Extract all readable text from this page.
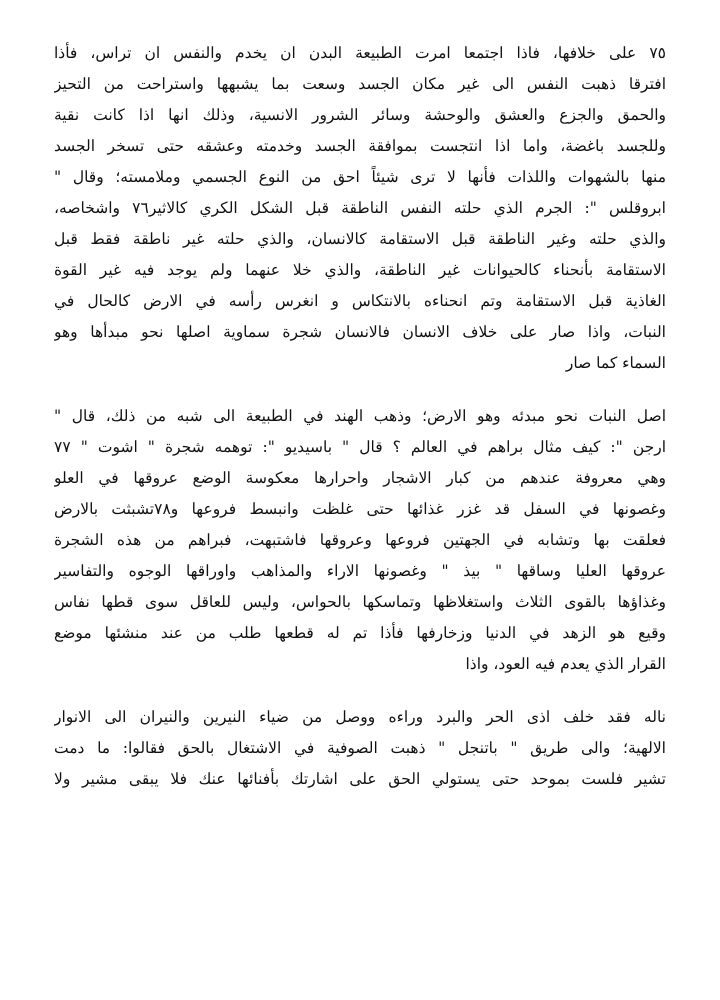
٧٥ على خلافها، فاذا اجتمعا امرت الطبيعة البدن ان يخدم والنفس ان تراس، فأذا
افترقا ذهبت النفس الى غير مكان الجسد وسعت بما يشبهها واستراحت من التحيز
والحمق والجزع والعشق والوحشة وسائر الشرور الانسية، وذلك انها اذا كانت نقية
وللجسد باغضة، واما اذا انتجست بموافقة الجسد وخدمته وعشقه حتى تسخر الجسد
منها بالشهوات واللذات فأنها لا ترى شيئاً احق من النوع الجسمي وملامسته؛ وقال "
ابروقلس ": الجرم الذي حلته النفس الناطقة قبل الشكل الكري كالاثير٧٦ واشخاصه،
والذي حلته وغير الناطقة قبل الاستقامة كالانسان، والذي حلته غير ناطقة فقط قبل
الاستقامة بأنحناء كالحيوانات غير الناطقة، والذي خلا عنهما ولم يوجد فيه غير القوة
الغاذية قبل الاستقامة وتم انحناءه بالانتكاس و انغرس رأسه في الارض كالحال في
النبات، واذا صار على خلاف الانسان فالانسان شجرة سماوية اصلها نحو مبدأها وهو
السماء كما صار

اصل النبات نحو مبدئه وهو الارض؛ وذهب الهند في الطبيعة الى شبه من ذلك، قال "
ارجن ": كيف مثال براهم في العالم ؟ قال " باسيديو ": توهمه شجرة " اشوت " ٧٧
وهي معروفة عندهم من كبار الاشجار واحرارها معكوسة الوضع عروقها في العلو
وغصونها في السفل قد غزر غذائها حتى غلظت وانبسط فروعها و٧٨تشبثت بالارض
فعلقت بها وتشابه في الجهتين فروعها وعروقها فاشتبهت، فبراهم من هذه الشجرة
عروقها العليا وساقها " بيذ " وغصونها الاراء والمذاهب واوراقها الوجوه والتفاسير
وغذاؤها بالقوى الثلاث واستغلاظها وتماسكها بالحواس، وليس للعاقل سوى قطها نفاس
وقيع هو الزهد في الدنيا وزخارفها فأذا تم له قطعها طلب من عند منشئها موضع
القرار الذي يعدم فيه العود، واذا

ناله فقد خلف اذى الحر والبرد وراءه ووصل من ضياء النيرين والنيران الى الانوار
الالهية؛ والى طريق " باتنجل " ذهبت الصوفية في الاشتغال بالحق فقالوا: ما دمت
تشير فلست بموحد حتى يستولي الحق على اشارتك بأفنائها عنك فلا يبقى مشير ولا
